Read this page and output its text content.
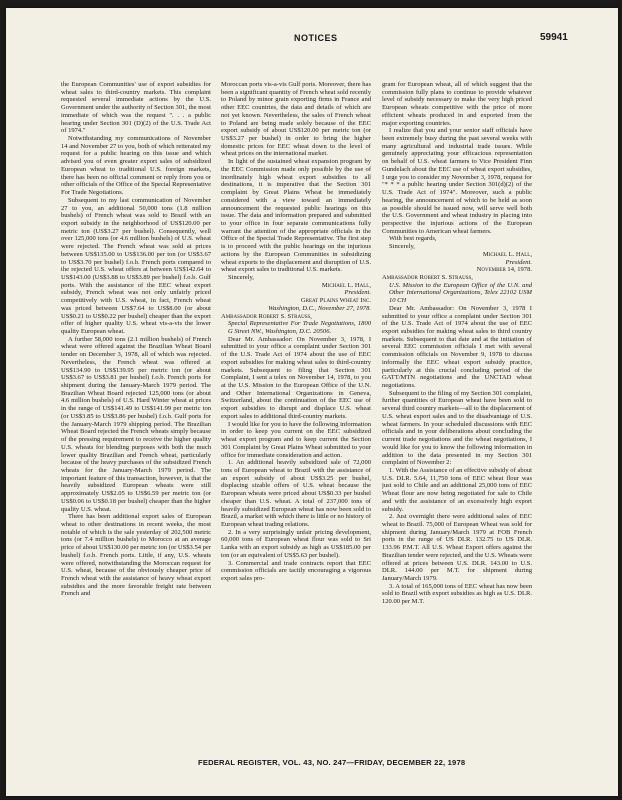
NOTICES	59941

the European Communities' use of export subsidies for wheat sales to third-country markets. This complaint requested several immediate actions by the U.S. Government under the authority of Section 301, the most immediate of which was the request ". . . a public hearing under Section 301 (D)(2) of the U.S. Trade Act of 1974."

Notwithstanding my communications of November 14 and November 27 to you, both of which reiterated my request for a public hearing on this issue and which advised you of even greater export sales of subsidized European wheat to traditional U.S. foreign markets, there has been no official comment or reply from you or other officials of the Office of the Special Representative For Trade Negotiations.

Subsequent to my last communication of November 27 to you, an additional 50,000 tons (1.8 million bushels) of French wheat was sold to Brazil with an export subsidy in the neighborhood of US$120.00 per metric ton (US$3.27 per bushel). Consequently, well over 125,000 tons (or 4.6 million bushels) of U.S. wheat were rejected. The French wheat was sold at prices between US$135.00 to US$136.00 per ton (or US$3.67 to US$3.70 per bushel) f.o.b. French ports compared to the rejected U.S. wheat offers at between US$142.64 to US$143.00 (US$3.88 to US$3.89 per bushel) f.o.b. Gulf ports. With the assistance of the EEC wheat export subsidy, French wheat was not only unfairly priced competitively with U.S. wheat, in fact, French wheat was priced between US$7.64 to US$8.00 (or about US$0.21 to US$0.22 per bushel) cheaper than the export offer of higher quality U.S. wheat vis-a-vis the lower quality European wheat.

A further 58,000 tons (2.1 million bushels) of French wheat were offered against the Brazilian Wheat Board tender on December 3, 1978, all of which was rejected. Nevertheless, the French wheat was offered at US$134.90 to US$139.95 per metric ton (or about US$3.67 to US$3.81 per bushel) f.o.b. French ports for shipment during the January-March 1979 period. The Brazilian Wheat Board rejected 125,000 tons (or about 4.6 million bushels) of U.S. Hard Winter wheat at prices in the range of US$141.49 to US$141.99 per metric ton (or US$3.85 to US$3.86 per bushel) f.o.b. Gulf ports for the January-March 1979 shipping period. The Brazilian Wheat Board rejected the French wheats simply because of the pressing requirement to receive the higher quality U.S. wheats for blending purposes with both the much lower quality Brazilian and French wheat, particularly because of the heavy purchases of the subsidized French wheats for the January-March 1979 period. The important feature of this transaction, however, is that the heavily subsidized European wheats were still approximately US$2.05 to US$6.59 per metric ton (or US$0.06 to US$0.18 per bushel) cheaper than the higher quality U.S. wheat.

There has been additional export sales of European wheat to other destinations in recent weeks, the most notable of which is the sale yesterday of 202,500 metric tons (or 7.4 million bushels) to Morocco at an average price of about US$130.00 per metric ton (or US$3.54 per bushel) f.o.b. French ports. Little, if any, U.S. wheats were offered, notwithstanding the Moroccan request for U.S. wheat, because of the obviously cheaper price of French wheat with the assistance of heavy wheat export subsidies and the more favorable freight rate between French and

Moroccan ports vis-a-vis Gulf ports. Moreover, there has been a significant quantity of French wheat sold recently to Poland by minor grain exporting firms in France and other EEC countries, the data and details of which are not yet known. Nevertheless, the sales of French wheat to Poland are being made solely because of the EEC export subsidy of about US$120.00 per metric ton (or US$3.27 per bushel) in order to bring the higher domestic prices for EEC wheat down to the level of wheat prices on the international market.

In light of the sustained wheat expansion program by the EEC Commission made only possible by the use of inordinately high wheat export subsidies to all destinations, it is imperative that the Section 301 complaint by Great Plains Wheat be immediately considered with a view toward an immediately announcement the requested public hearings on this issue. The data and information prepared and submitted to your office in four separate communications fully warrant the attention of the appropriate officials in the Office of the Special Trade Representative. The first step is to proceed with the public hearings on the injurious actions by the European Communities in subsidizing wheat exports to the displacement and disruption of U.S. wheat export sales to traditional U.S. markets.

Sincerely,

Michael L. Hall,

President.

Great Plains Wheat Inc.

Washington, D.C., November 27, 1978.

Ambassador Robert S. Strauss,

Special Representative For Trade Negotiations, 1800 G Street NW., Washington, D.C. 20506.

Dear Mr. Ambassador: On November 3, 1978, I submitted to your office a complaint under Section 301 of the U.S. Trade Act of 1974 about the use of EEC export subsidies for making wheat sales to third-country markets. Subsequent to filing that Section 301 Complaint, I sent a telex on November 14, 1978, to you at the U.S. Mission to the European Office of the U.N. and Other International Organizations in Geneva, Switzerland, about the continuation of the EEC use of export subsidies to disrupt and displace U.S. wheat export sales to additional third-country markets.

I would like for you to have the following information in order to keep you current on the EEC subsidized wheat export program and to keep current the Section 301 Complaint by Great Plains Wheat submitted to your office for immediate consideration and action.

1. An additional heavily subsidized sale of 72,000 tons of European wheat to Brazil with the assistance of an export subsidy of about US$3.25 per bushel, displacing sizable offers of U.S. wheat because the European wheats were priced about US$0.33 per bushel cheaper than U.S. wheat. A total of 237,000 tons of heavily subsidized European wheat has now been sold to Brazil, a market with which there is little or no history of European wheat trading relations.

2. In a very surprisingly unfair pricing development, 60,000 tons of European wheat flour was sold to Sri Lanka with an export subsidy as high as US$185.00 per ton (or an equivalent of US$5.63 per bushel).

3. Commercial and trade contracts report that EEC commission officials are tacitly encouraging a vigorous export sales pro-

gram for European wheat, all of which suggest that the commission fully plans to continue to provide whatever level of subsidy necessary to make the very high priced European wheats competitive with the price of more efficient wheats produced in and exported from the major exporting countries.

I realize that you and your senior staff officials have been extremely busy during the past several weeks with many agricultural and industrial trade issues. While genuinely appreciating your efficacious representation on behalf of U.S. wheat farmers to Vice President Finn Gundelach about the EEC use of wheat export subsidies, I urge you to consider my November 3, 1978, request for "* * * a public hearing under Section 301(d)(2) of the U.S. Trade Act of 1974". Moreover, such a public hearing, the announcement of which to be held as soon as possible should be issued now, will serve well both the U.S. Government and wheat industry in placing into perspective the injurious actions of the European Communities to American wheat farmers.

With best regards,

Sincerely,

Michael L. Hall,

President.

November 14, 1978.

Ambassador Robert S. Strauss,

U.S. Mission to the European Office of the U.N. and Other International Organizations, Telex 22102 USM 10 CH

Dear Mr. Ambassador: On November 3, 1978 I submitted to your office a complaint under Section 301 of the U.S. Trade Act of 1974 about the use of EEC export subsidies for making wheat sales to third country markets. Subsequent to that date and at the initiation of several EEC commission officials I met with several commission officials on November 9, 1978 to discuss informally the EEC wheat export subsidy practice, particularly at this crucial concluding period of the GATT/MTN negotiations and the UNCTAD wheat negotiations.

Subsequent to the filing of my Section 301 complaint, further quantities of European wheat have been sold to several third country markets—all to the displacement of U.S. wheat export sales and to the disadvantage of U.S. wheat farmers. In your scheduled discussions with EEC officials and in your deliberations about concluding the current trade negotiations and the wheat negotiations, I would like for you to know the following information in addition to the data presented in my Section 301 complaint of November 2:

1. With the Assistance of an effective subsidy of about U.S. DLR. 5.64, 11,750 tons of EEC wheat flour was just sold to Chile and an additional 25,000 tons of EEC Wheat flour are now being negotiated for sale to Chile and with the assistance of an excessively high export subsidy.

2. Just overnight there were additional sales of EEC wheat to Brazil. 75,000 of European Wheat was sold for shipment during January/March 1979 at FOB French ports in the range of US DLR. 132.75 to US DLR. 133.96 P.M.T. All U.S. Wheat Export offers against the Brazilian tender were rejected, and the U.S. Wheats were offered at prices between U.S. DLR. 143.00 to U.S. DLR. 144.00 per M.T. for shipment during January/March 1979.

3. A total of 165,000 tons of EEC wheat has now been sold to Brazil with export subsidies as high as U.S. DLR. 120.00 per M.T.

FEDERAL REGISTER, VOL. 43, NO. 247—FRIDAY, DECEMBER 22, 1978
